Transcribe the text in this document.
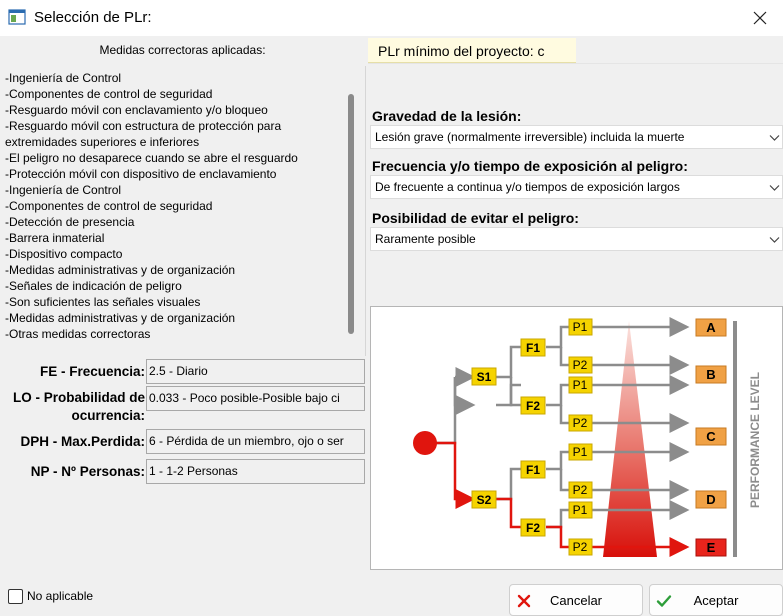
Selección de PLr:
Medidas correctoras aplicadas:
-Ingeniería de Control
-Componentes de control de seguridad
-Resguardo móvil con enclavamiento y/o bloqueo
-Resguardo móvil con estructura de protección para
extremidades superiores e inferiores
-El peligro no desaparece cuando se abre el resguardo
-Protección móvil con dispositivo de enclavamiento
-Ingeniería de Control
-Componentes de control de seguridad
-Detección de presencia
-Barrera inmaterial
-Dispositivo compacto
-Medidas administrativas y de organización
-Señales de indicación de peligro
-Son suficientes las señales visuales
-Medidas administrativas y de organización
-Otras medidas correctoras
FE - Frecuencia: 2.5 - Diario
LO - Probabilidad de
ocurrencia:
0.033 - Poco posible-Posible bajo ci
DPH - Max.Perdida: 6 - Pérdida de un miembro, ojo o ser
NP - Nº Personas: 1 - 1-2 Personas
PLr mínimo del proyecto: c
Gravedad de la lesión:
Lesión grave (normalmente irreversible) incluida la muerte
Frecuencia y/o tiempo de exposición al peligro:
De frecuente a continua y/o tiempos de exposición largos
Posibilidad de evitar el peligro:
Raramente posible
PERFORMANCE LEVEL
S1
S2
F1
F2
F1
F2
P1
P2
P1
P2
P1
P2
P1
P2
A
B
C
D
E
No aplicable	Cancelar	Aceptar
